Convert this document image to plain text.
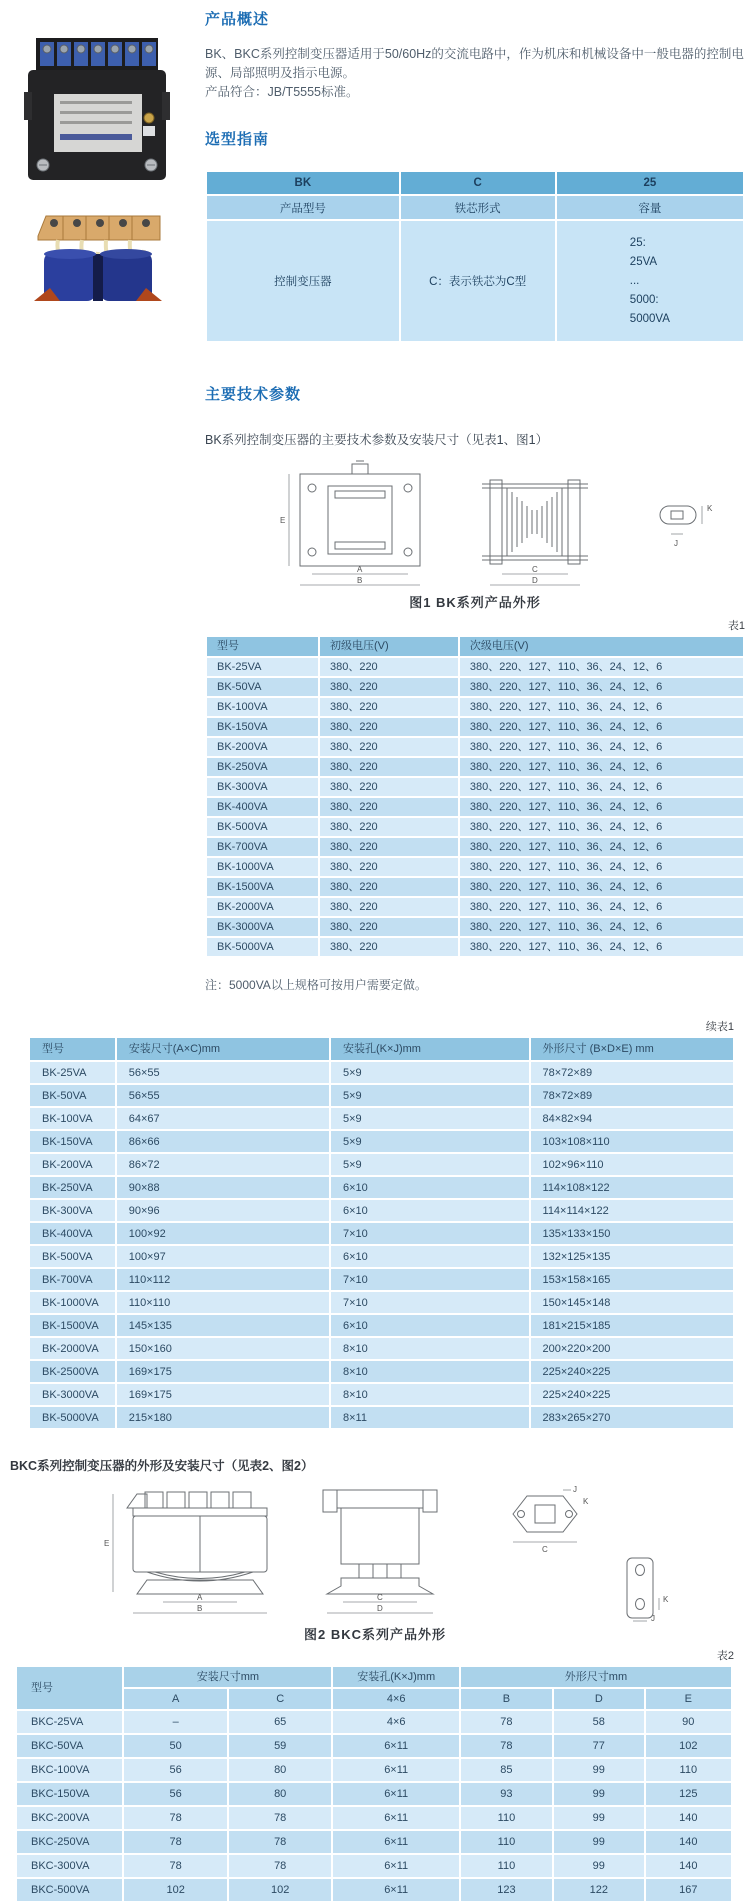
产品概述

BK、BKC系列控制变压器适用于50/60Hz的交流电路中，作为机床和机械设备中一般电器的控制电源、局部照明及指示电源。
产品符合：JB/T5555标准。

选型指南
BK	C	25
产品型号	铁芯形式	容量
控制变压器	C：表示铁芯为C型	25:
25VA
...
5000:
5000VA
主要技术参数

BK系列控制变压器的主要技术参数及安装尺寸（见表1、图1）

E
A
B
C
D
K
J
图1 BK系列产品外形
表1
型号	初级电压(V)	次级电压(V)
BK-25VA	380、220	380、220、127、110、36、24、12、6
BK-50VA	380、220	380、220、127、110、36、24、12、6
BK-100VA	380、220	380、220、127、110、36、24、12、6
BK-150VA	380、220	380、220、127、110、36、24、12、6
BK-200VA	380、220	380、220、127、110、36、24、12、6
BK-250VA	380、220	380、220、127、110、36、24、12、6
BK-300VA	380、220	380、220、127、110、36、24、12、6
BK-400VA	380、220	380、220、127、110、36、24、12、6
BK-500VA	380、220	380、220、127、110、36、24、12、6
BK-700VA	380、220	380、220、127、110、36、24、12、6
BK-1000VA	380、220	380、220、127、110、36、24、12、6
BK-1500VA	380、220	380、220、127、110、36、24、12、6
BK-2000VA	380、220	380、220、127、110、36、24、12、6
BK-3000VA	380、220	380、220、127、110、36、24、12、6
BK-5000VA	380、220	380、220、127、110、36、24、12、6

注：5000VA以上规格可按用户需要定做。

续表1
型号	安装尺寸(A×C)mm	安装孔(K×J)mm	外形尺寸 (B×D×E) mm
BK-25VA	56×55	5×9	78×72×89
BK-50VA	56×55	5×9	78×72×89
BK-100VA	64×67	5×9	84×82×94
BK-150VA	86×66	5×9	103×108×110
BK-200VA	86×72	5×9	102×96×110
BK-250VA	90×88	6×10	114×108×122
BK-300VA	90×96	6×10	114×114×122
BK-400VA	100×92	7×10	135×133×150
BK-500VA	100×97	6×10	132×125×135
BK-700VA	110×112	7×10	153×158×165
BK-1000VA	110×110	7×10	150×145×148
BK-1500VA	145×135	6×10	181×215×185
BK-2000VA	150×160	8×10	200×220×200
BK-2500VA	169×175	8×10	225×240×225
BK-3000VA	169×175	8×10	225×240×225
BK-5000VA	215×180	8×11	283×265×270

BKC系列控制变压器的外形及安装尺寸（见表2、图2）

E
A
B
C
D
J
K
C
K
J
图2 BKC系列产品外形
表2
型号	安装尺寸mm		安装孔(K×J)mm	外形尺寸mm		
	A	C	4×6	B	D	E
BKC-25VA	–	65	4×6	78	58	90
BKC-50VA	50	59	6×11	78	77	102
BKC-100VA	56	80	6×11	85	99	110
BKC-150VA	56	80	6×11	93	99	125
BKC-200VA	78	78	6×11	110	99	140
BKC-250VA	78	78	6×11	110	99	140
BKC-300VA	78	78	6×11	110	99	140
BKC-500VA	102	102	6×11	123	122	167
